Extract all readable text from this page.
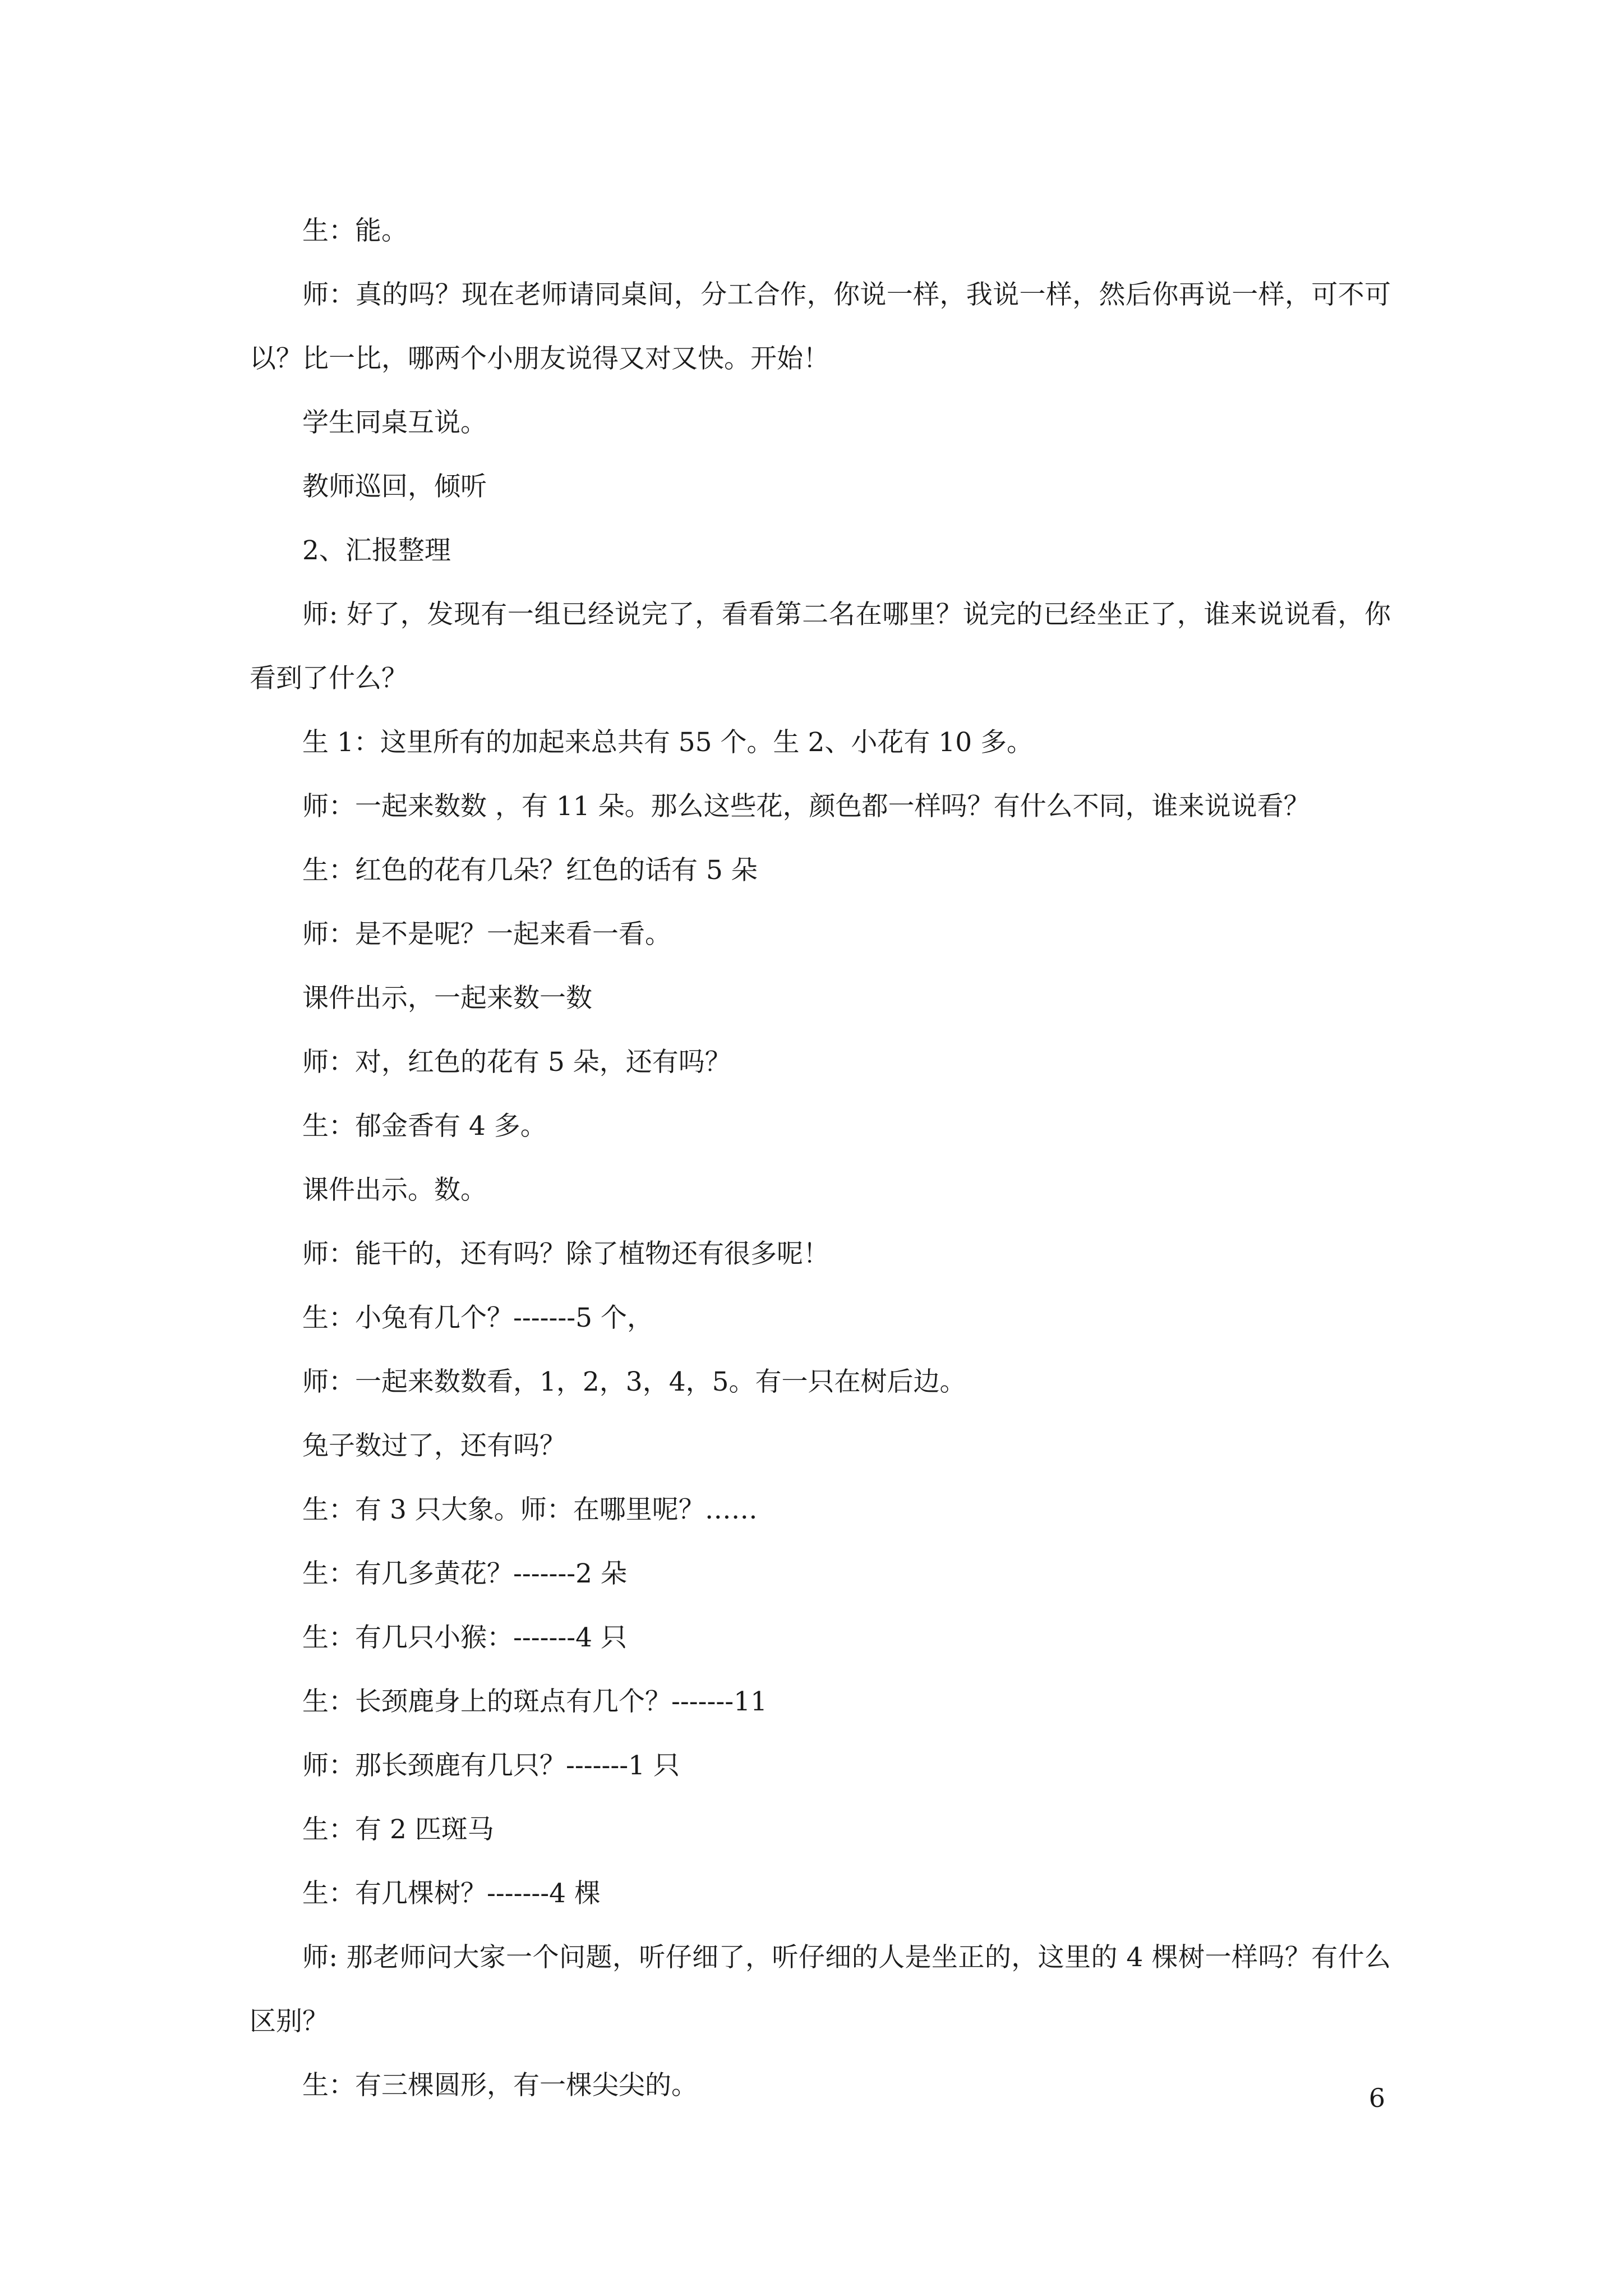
生：能。

师：真的吗？现在老师请同桌间，分工合作，你说一样，我说一样，然后你再说一样，可不可以？比一比，哪两个小朋友说得又对又快。开始！

学生同桌互说。

教师巡回，倾听

2、汇报整理

师: 好了，发现有一组已经说完了，看看第二名在哪里？说完的已经坐正了，谁来说说看，你看到了什么？

生 1：这里所有的加起来总共有 55 个。生 2、小花有 10 多。

师：一起来数数 ，有 11 朵。那么这些花，颜色都一样吗？有什么不同，谁来说说看？

生：红色的花有几朵？红色的话有 5 朵

师：是不是呢？一起来看一看。

课件出示，一起来数一数

师：对，红色的花有 5 朵，还有吗？

生：郁金香有 4 多。

课件出示。数。

师：能干的，还有吗？除了植物还有很多呢！

生：小兔有几个？-------5 个，

师：一起来数数看，1，2，3，4，5。有一只在树后边。

兔子数过了，还有吗？

生：有 3 只大象。师：在哪里呢？……

生：有几多黄花？-------2 朵

生：有几只小猴：-------4 只

生：长颈鹿身上的斑点有几个？-------11

师：那长颈鹿有几只？-------1 只

生：有 2 匹斑马

生：有几棵树？-------4 棵

师: 那老师问大家一个问题，听仔细了，听仔细的人是坐正的，这里的 4 棵树一样吗？有什么区别？

生：有三棵圆形，有一棵尖尖的。	6
